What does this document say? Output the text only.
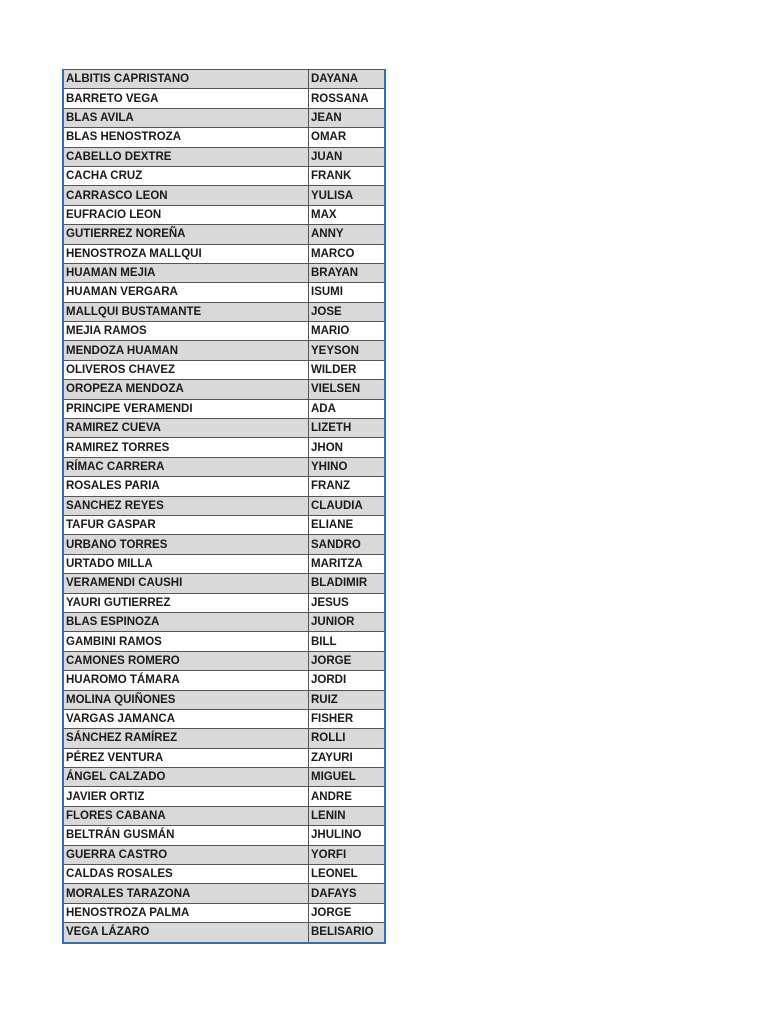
ALBITIS CAPRISTANO	DAYANA
BARRETO VEGA	ROSSANA
BLAS AVILA	JEAN
BLAS HENOSTROZA	OMAR
CABELLO DEXTRE	JUAN
CACHA CRUZ	FRANK
CARRASCO LEON	YULISA
EUFRACIO LEON	MAX
GUTIERREZ NOREÑA	ANNY
HENOSTROZA MALLQUI	MARCO
HUAMAN MEJIA	BRAYAN
HUAMAN VERGARA	ISUMI
MALLQUI BUSTAMANTE	JOSE
MEJIA RAMOS	MARIO
MENDOZA HUAMAN	YEYSON
OLIVEROS CHAVEZ	WILDER
OROPEZA MENDOZA	VIELSEN
PRINCIPE VERAMENDI	ADA
RAMIREZ CUEVA	LIZETH
RAMIREZ TORRES	JHON
RÍMAC CARRERA	YHINO
ROSALES PARIA	FRANZ
SANCHEZ REYES	CLAUDIA
TAFUR GASPAR	ELIANE
URBANO TORRES	SANDRO
URTADO MILLA	MARITZA
VERAMENDI CAUSHI	BLADIMIR
YAURI GUTIERREZ	JESUS
BLAS ESPINOZA	JUNIOR
GAMBINI RAMOS	BILL
CAMONES ROMERO	JORGE
HUAROMO TÁMARA	JORDI
MOLINA QUIÑONES	RUIZ
VARGAS JAMANCA	FISHER
SÁNCHEZ RAMÍREZ	ROLLI
PÉREZ VENTURA	ZAYURI
ÁNGEL CALZADO	MIGUEL
JAVIER ORTIZ	ANDRE
FLORES CABANA	LENIN
BELTRÁN GUSMÁN	JHULINO
GUERRA CASTRO	YORFI
CALDAS ROSALES	LEONEL
MORALES TARAZONA	DAFAYS
HENOSTROZA PALMA	JORGE
VEGA LÁZARO	BELISARIO
